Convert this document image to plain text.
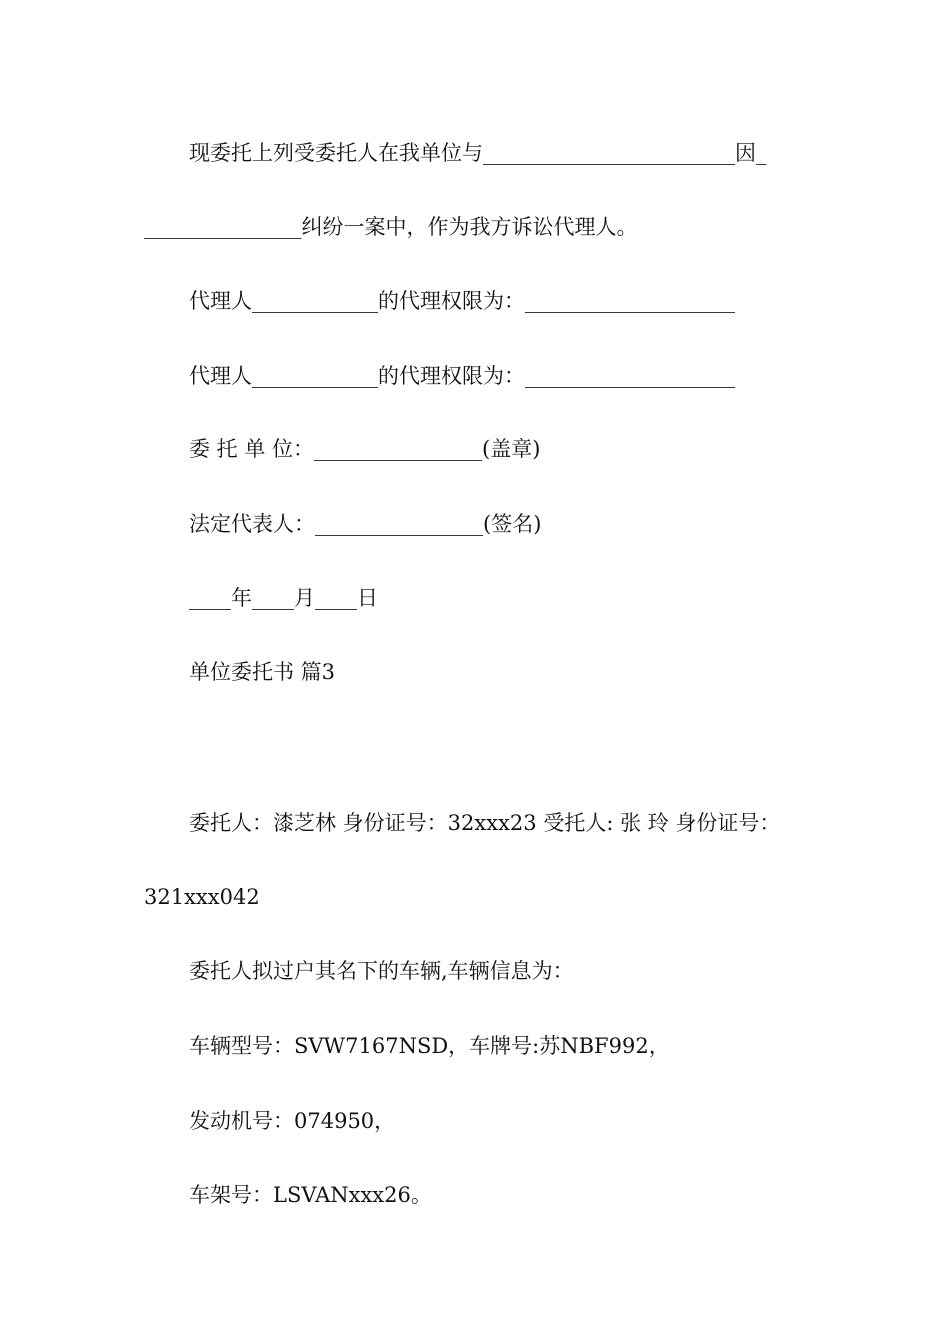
现委托上列受委托人在我单位与________________________因_
_______________纠纷一案中，作为我方诉讼代理人。
代理人____________的代理权限为：____________________
代理人____________的代理权限为：____________________
委 托 单 位：________________(盖章)
法定代表人：________________(签名)
____年____月____日
单位委托书 篇3
委托人：漆芝林 身份证号：32xxx23 受托人: 张 玲 身份证号：
321xxx042
委托人拟过户其名下的车辆,车辆信息为：
车辆型号：SVW7167NSD，车牌号:苏NBF992，
发动机号：074950，
车架号：LSVANxxx26。
